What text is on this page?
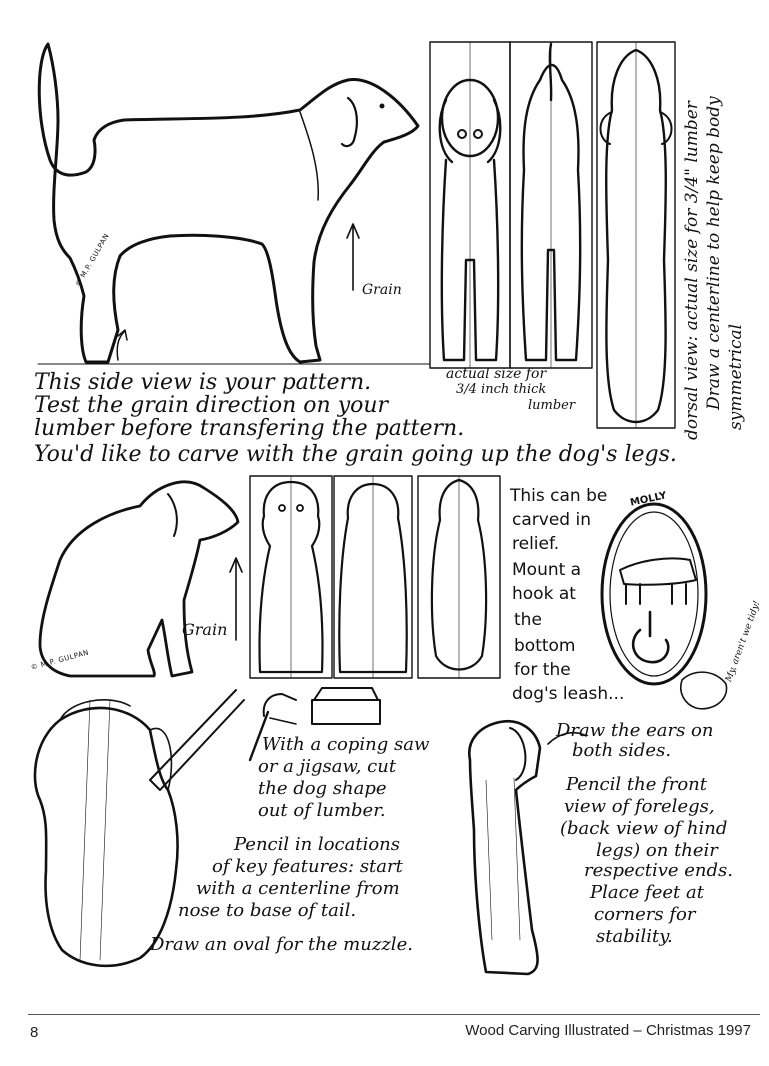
This side view is your pattern.
Test the grain direction on your
lumber before transfering the pattern.
You'd like to carve with the grain going up the dog's legs.
Grain
Grain
actual size for
3/4 inch thick
lumber	dorsal view: actual size for 3/4" lumber Draw a centerline to help keep body symmetrical
© M.P. GULPAN
© M.P. GULPAN
This can be
carved in
relief.
Mount a
hook at
the
bottom
for the
dog's leash...
MOLLY
My, aren't we tidy!
With a coping saw
or a jigsaw, cut
the dog shape
out of lumber.
Pencil in locations
of key features: start
with a centerline from
nose to base of tail.
Draw an oval for the muzzle.
Draw the ears on
both sides.
Pencil the front
view of forelegs,
(back view of hind
legs) on their
respective ends.
Place feet at
corners for
stability.
8	Wood Carving Illustrated – Christmas 1997
